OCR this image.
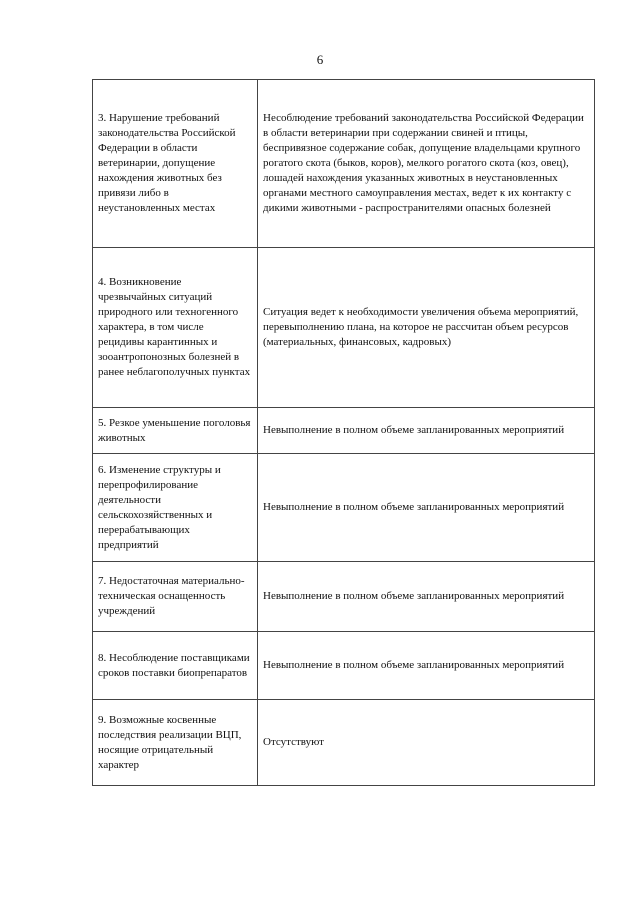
6
3. Нарушение требований законодательства Российской Федерации в области ветеринарии, допущение нахождения животных без привязи либо в неустановленных местах	Несоблюдение требований законодательства Российской Федерации в области ветеринарии при содержании свиней и птицы, беспривязное содержание собак, допущение владельцами крупного рогатого скота (быков, коров), мелкого рогатого скота (коз, овец), лошадей нахождения указанных животных в неустановленных органами местного самоуправления местах, ведет к их контакту с дикими животными - распространителями опасных болезней
4. Возникновение чрезвычайных ситуаций природного или техногенного характера, в том числе рецидивы карантинных и зооантропонозных болезней в ранее неблагополучных пунктах	Ситуация ведет к необходимости увеличения объема мероприятий, перевыполнению плана, на которое не рассчитан объем ресурсов (материальных, финансовых, кадровых)
5. Резкое уменьшение поголовья животных	Невыполнение в полном объеме запланированных мероприятий
6. Изменение структуры и перепрофилирование деятельности сельскохозяйственных и перерабатывающих предприятий	Невыполнение в полном объеме запланированных мероприятий
7. Недостаточная материально-техническая оснащенность учреждений	Невыполнение в полном объеме запланированных мероприятий
8. Несоблюдение поставщиками сроков поставки биопрепаратов	Невыполнение в полном объеме запланированных мероприятий
9. Возможные косвенные последствия реализации ВЦП, носящие отрицательный характер	Отсутствуют
